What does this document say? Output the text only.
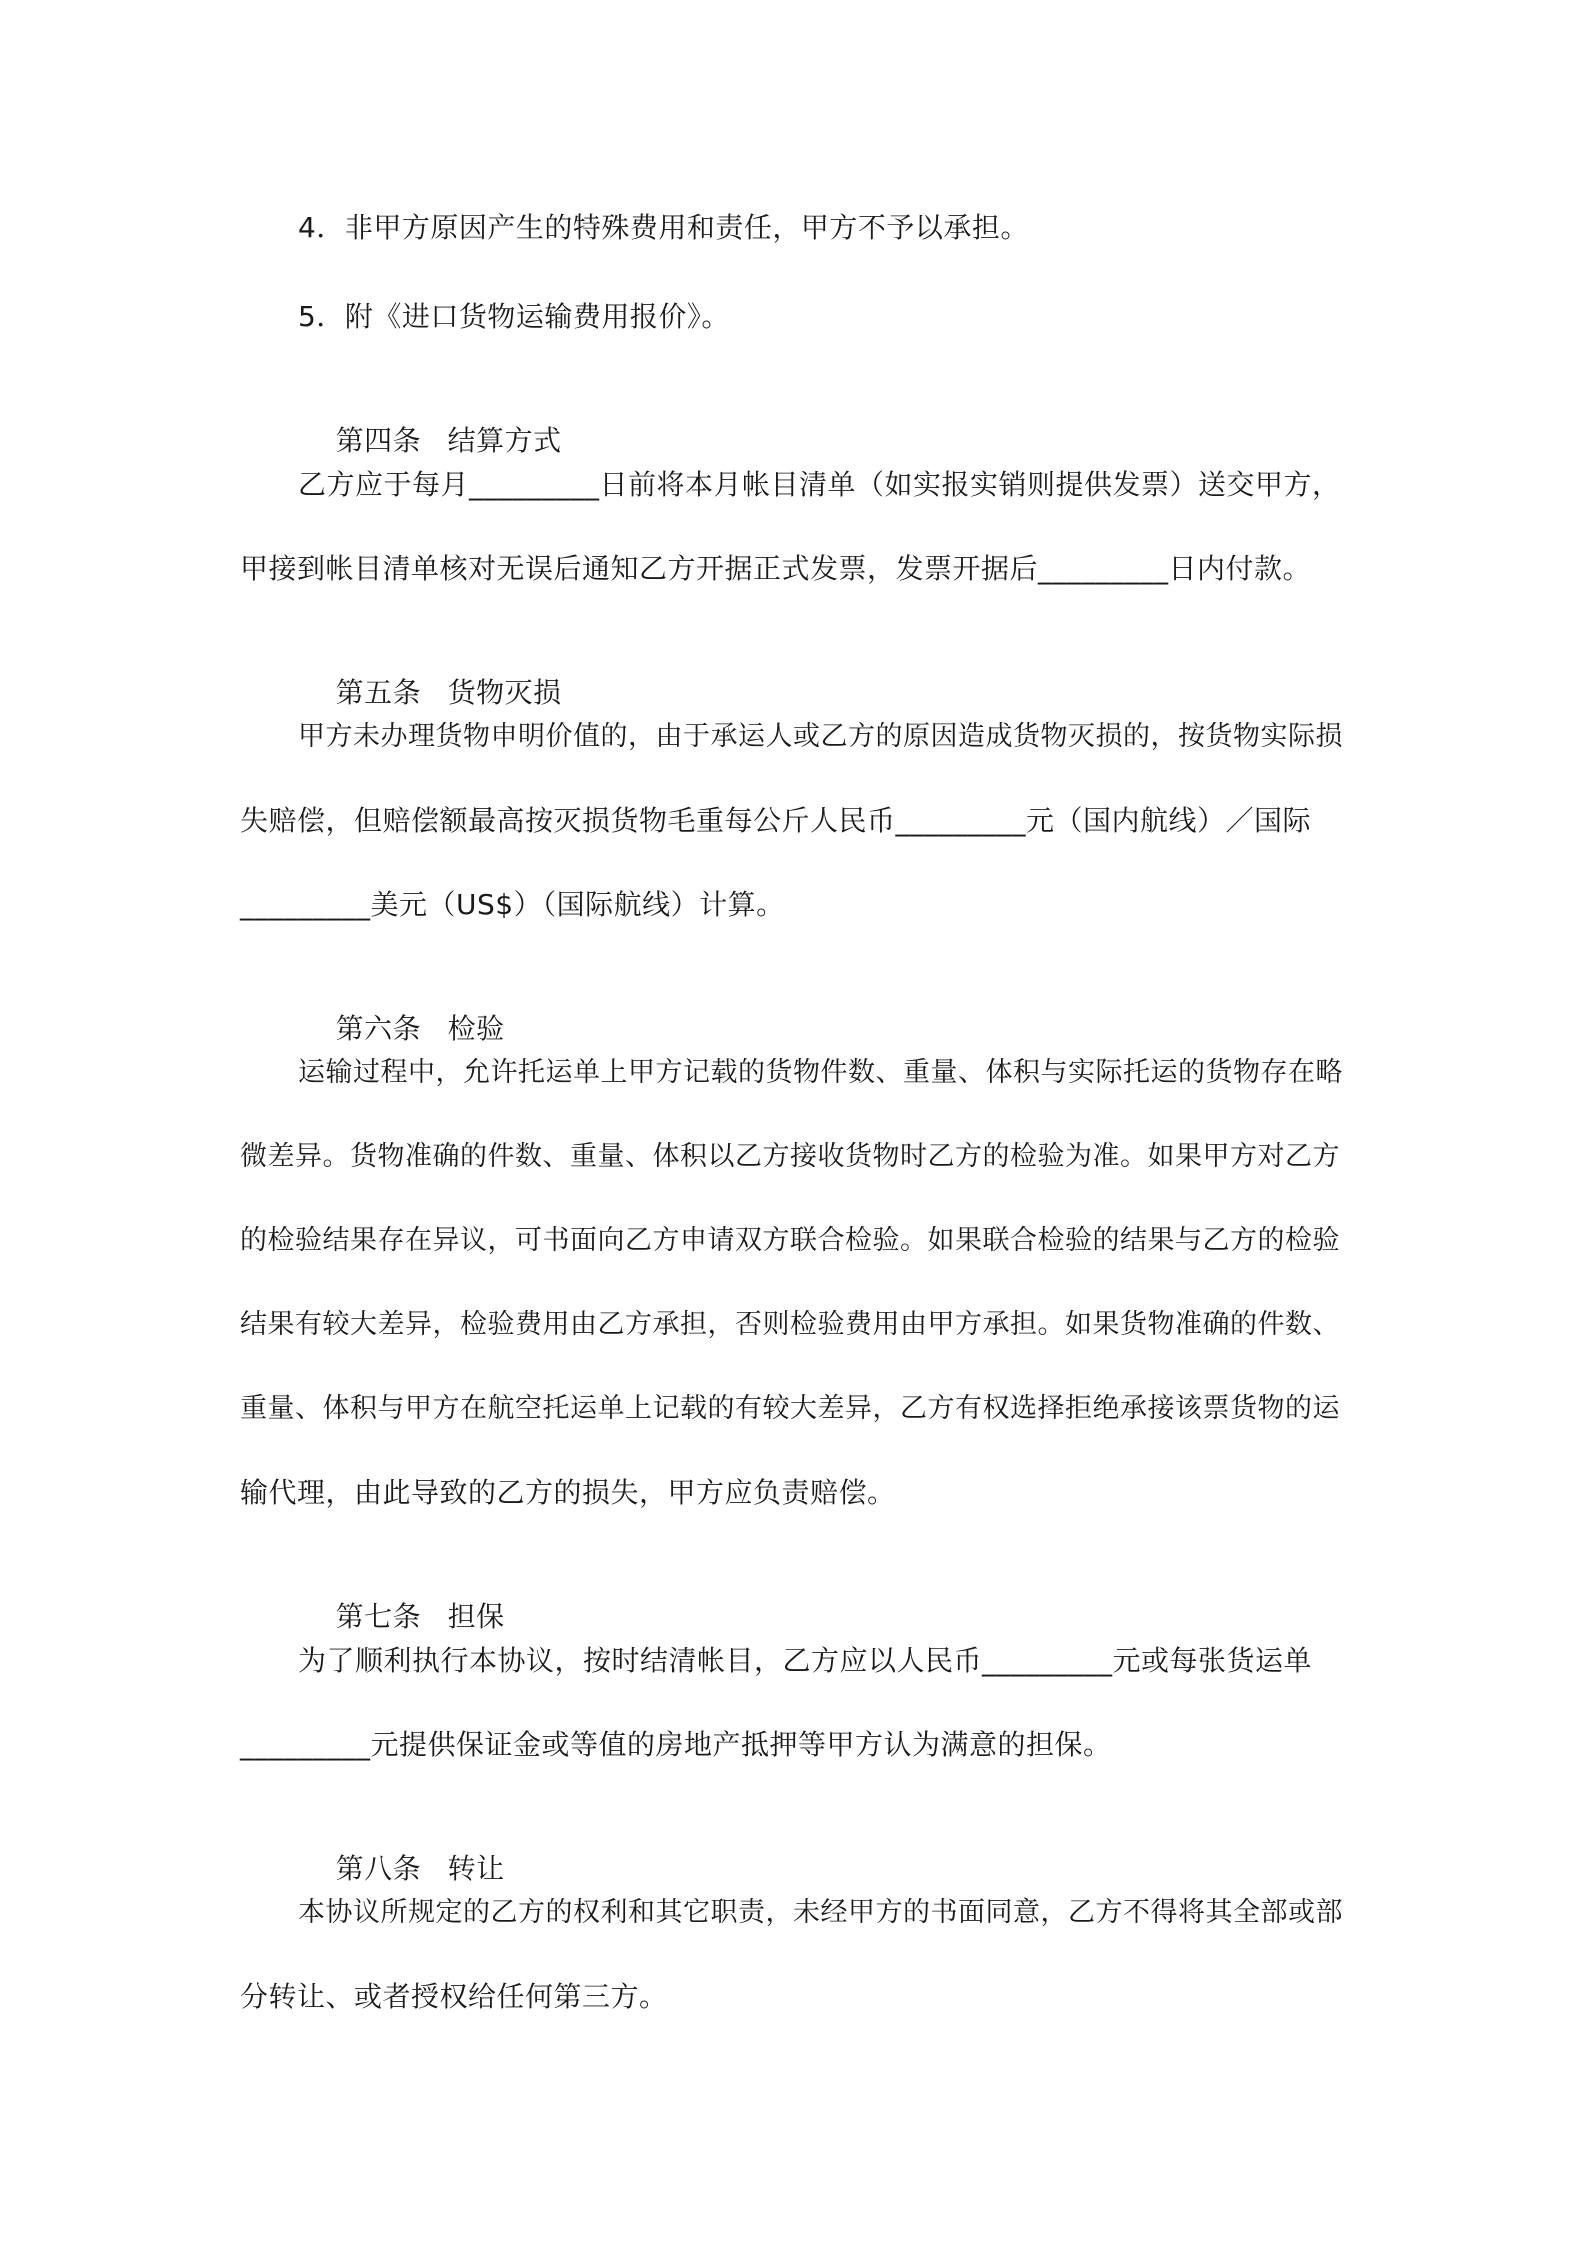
4．非甲方原因产生的特殊费用和责任，甲方不予以承担。
5．附《进口货物运输费用报价》。

第四条 结算方式

乙方应于每月_________日前将本月帐目清单（如实报实销则提供发票）送交甲方，
甲接到帐目清单核对无误后通知乙方开据正式发票，发票开据后_________日内付款。

第五条 货物灭损

甲方未办理货物申明价值的，由于承运人或乙方的原因造成货物灭损的，按货物实际损
失赔偿，但赔偿额最高按灭损货物毛重每公斤人民币_________元（国内航线）／国际
_________美元（US$）（国际航线）计算。

第六条 检验

运输过程中，允许托运单上甲方记载的货物件数、重量、体积与实际托运的货物存在略
微差异。货物准确的件数、重量、体积以乙方接收货物时乙方的检验为准。如果甲方对乙方
的检验结果存在异议，可书面向乙方申请双方联合检验。如果联合检验的结果与乙方的检验
结果有较大差异，检验费用由乙方承担，否则检验费用由甲方承担。如果货物准确的件数、
重量、体积与甲方在航空托运单上记载的有较大差异，乙方有权选择拒绝承接该票货物的运
输代理，由此导致的乙方的损失，甲方应负责赔偿。

第七条 担保

为了顺利执行本协议，按时结清帐目，乙方应以人民币_________元或每张货运单
_________元提供保证金或等值的房地产抵押等甲方认为满意的担保。

第八条 转让

本协议所规定的乙方的权利和其它职责，未经甲方的书面同意，乙方不得将其全部或部
分转让、或者授权给任何第三方。
